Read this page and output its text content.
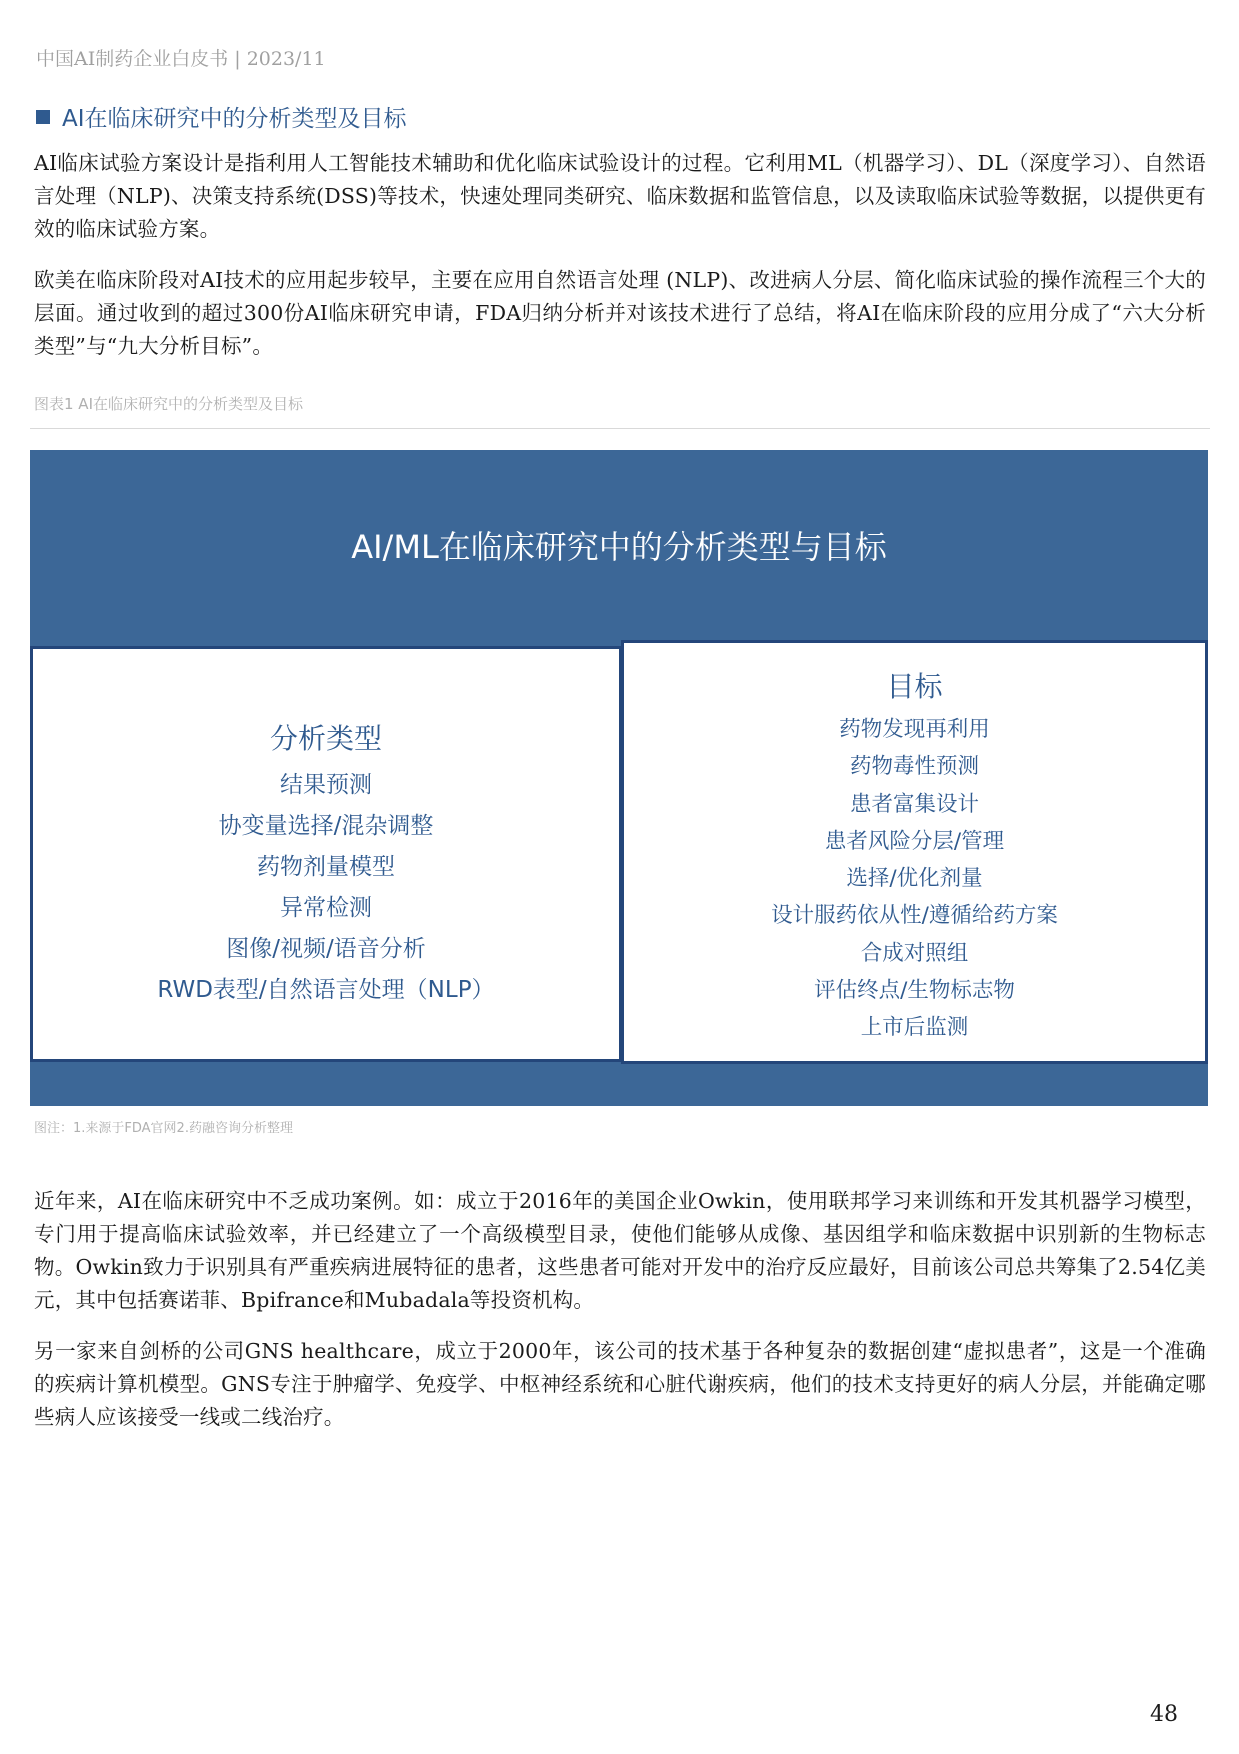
中国AI制药企业白皮书 | 2023/11
AI在临床研究中的分析类型及目标

AI临床试验方案设计是指利用人工智能技术辅助和优化临床试验设计的过程。它利用ML（机器学习）、DL（深度学习）、自然语言处理（NLP)、决策支持系统(DSS)等技术，快速处理同类研究、临床数据和监管信息，以及读取临床试验等数据，以提供更有效的临床试验方案。

欧美在临床阶段对AI技术的应用起步较早，主要在应用自然语言处理 (NLP)、改进病人分层、简化临床试验的操作流程三个大的层面。通过收到的超过300份AI临床研究申请，FDA归纳分析并对该技术进行了总结，将AI在临床阶段的应用分成了“六大分析类型”与“九大分析目标”。

图表1 AI在临床研究中的分析类型及目标
AI/ML在临床研究中的分析类型与目标
分析类型
结果预测
协变量选择/混杂调整
药物剂量模型
异常检测
图像/视频/语音分析
RWD表型/自然语言处理（NLP）
目标
药物发现再利用
药物毒性预测
患者富集设计
患者风险分层/管理
选择/优化剂量
设计服药依从性/遵循给药方案
合成对照组
评估终点/生物标志物
上市后监测
图注：1.来源于FDA官网2.药融咨询分析整理

近年来，AI在临床研究中不乏成功案例。如：成立于2016年的美国企业Owkin，使用联邦学习来训练和开发其机器学习模型，专门用于提高临床试验效率，并已经建立了一个高级模型目录，使他们能够从成像、基因组学和临床数据中识别新的生物标志物。Owkin致力于识别具有严重疾病进展特征的患者，这些患者可能对开发中的治疗反应最好，目前该公司总共筹集了2.54亿美元，其中包括赛诺菲、Bpifrance和Mubadala等投资机构。

另一家来自剑桥的公司GNS healthcare，成立于2000年，该公司的技术基于各种复杂的数据创建“虚拟患者”，这是一个准确的疾病计算机模型。GNS专注于肿瘤学、免疫学、中枢神经系统和心脏代谢疾病，他们的技术支持更好的病人分层，并能确定哪些病人应该接受一线或二线治疗。

48
